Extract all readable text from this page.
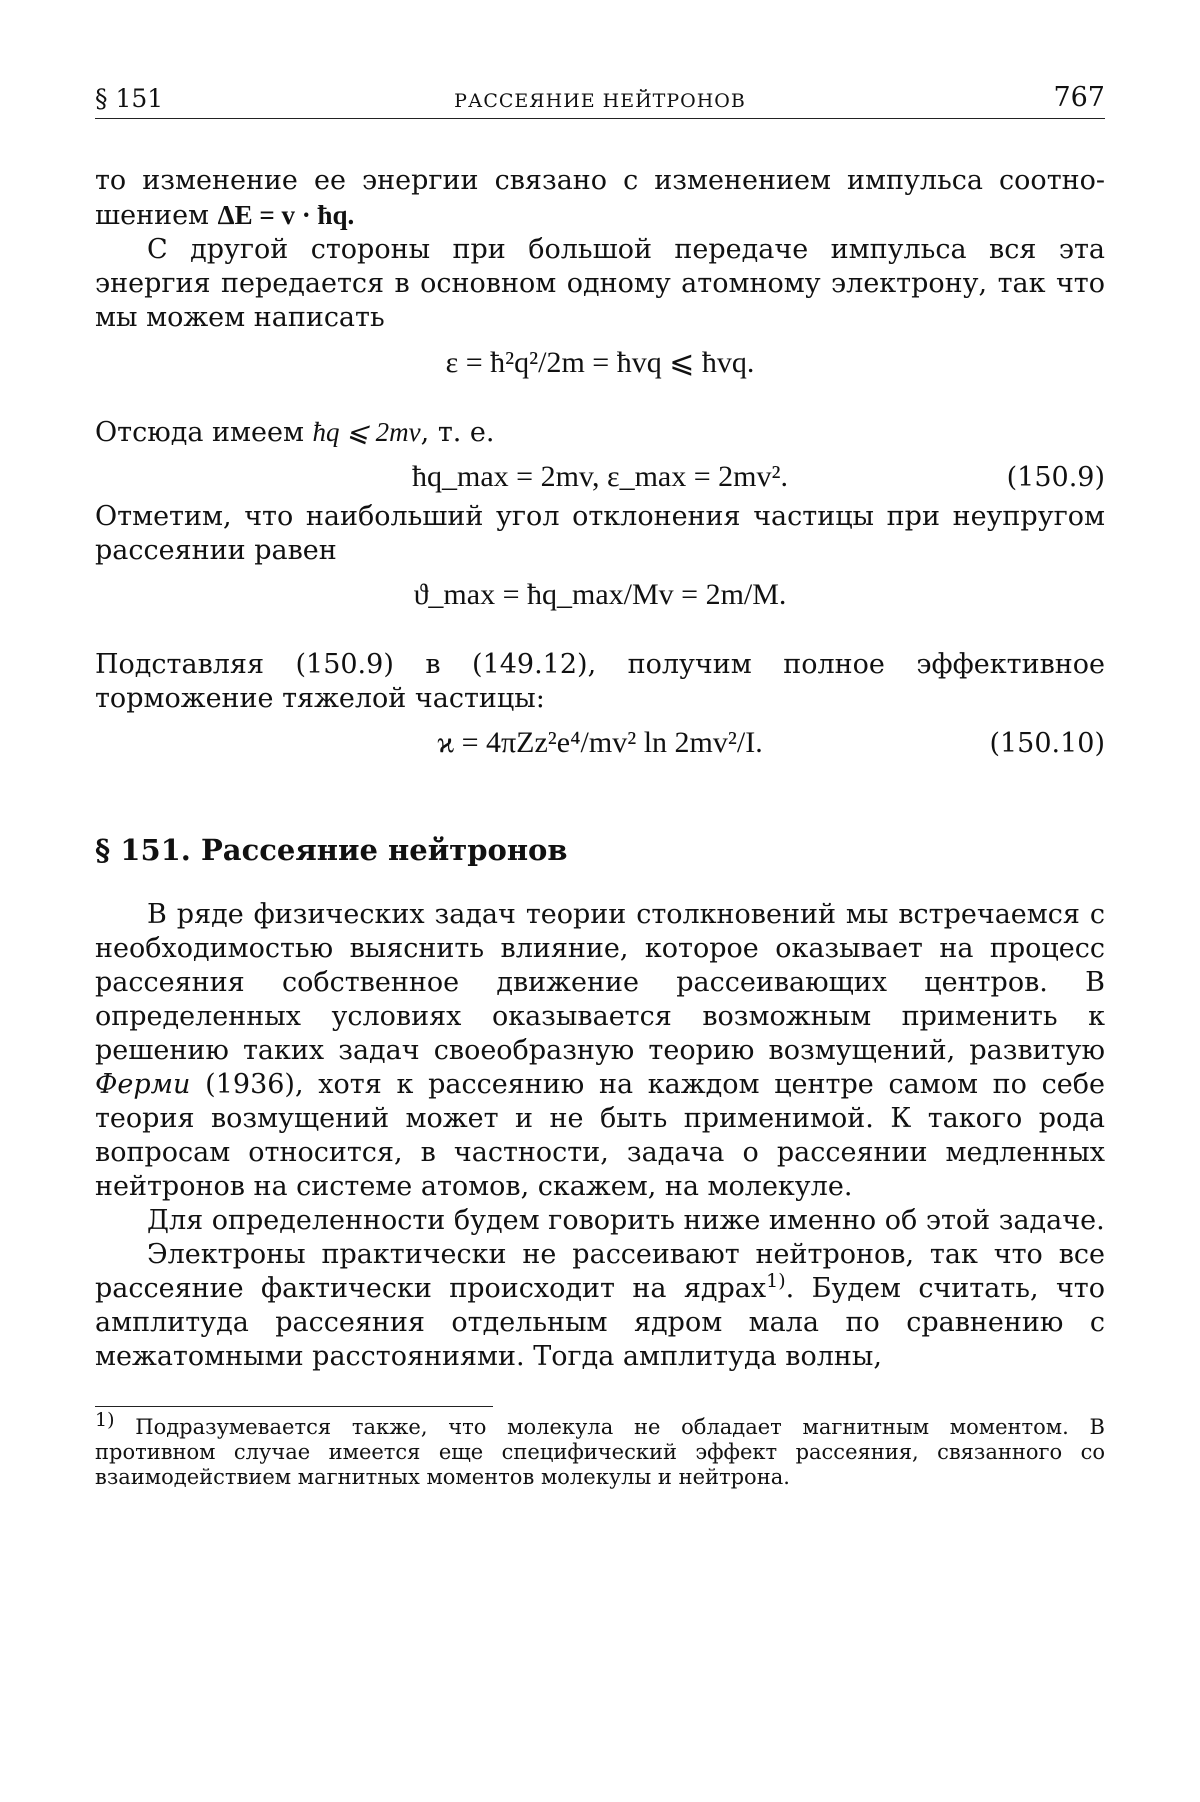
§ 151	РАССЕЯНИЕ НЕЙТРОНОВ	767

то изменение ее энергии связано с изменением импульса соотно-шением ΔE = v · ħq.

С другой стороны при большой передаче импульса вся эта энергия передается в основном одному атомному электрону, так что мы можем написать

ε = ħ²q²/2m = ħvq ⩽ ħvq.

Отсюда имеем ħq ⩽ 2mv, т. е.

ħq_max = 2mv, ε_max = 2mv².	(150.9)

Отметим, что наибольший угол отклонения частицы при неупругом рассеянии равен

ϑ_max = ħq_max/Mv = 2m/M.

Подставляя (150.9) в (149.12), получим полное эффективное торможение тяжелой частицы:

ϰ = 4πZz²e⁴/mv² ln 2mv²/I.	(150.10)
§ 151. Рассеяние нейтронов

В ряде физических задач теории столкновений мы встречаемся с необходимостью выяснить влияние, которое оказывает на процесс рассеяния собственное движение рассеивающих центров. В определенных условиях оказывается возможным применить к решению таких задач своеобразную теорию возмущений, развитую Ферми (1936), хотя к рассеянию на каждом центре самом по себе теория возмущений может и не быть применимой. К такого рода вопросам относится, в частности, задача о рассеянии медленных нейтронов на системе атомов, скажем, на молекуле.

Для определенности будем говорить ниже именно об этой задаче.

Электроны практически не рассеивают нейтронов, так что все рассеяние фактически происходит на ядрах$^{1)}$. Будем считать, что амплитуда рассеяния отдельным ядром мала по сравнению с межатомными расстояниями. Тогда амплитуда волны,

$^{1)}$ Подразумевается также, что молекула не обладает магнитным моментом. В противном случае имеется еще специфический эффект рассеяния, связанного со взаимодействием магнитных моментов молекулы и нейтрона.
